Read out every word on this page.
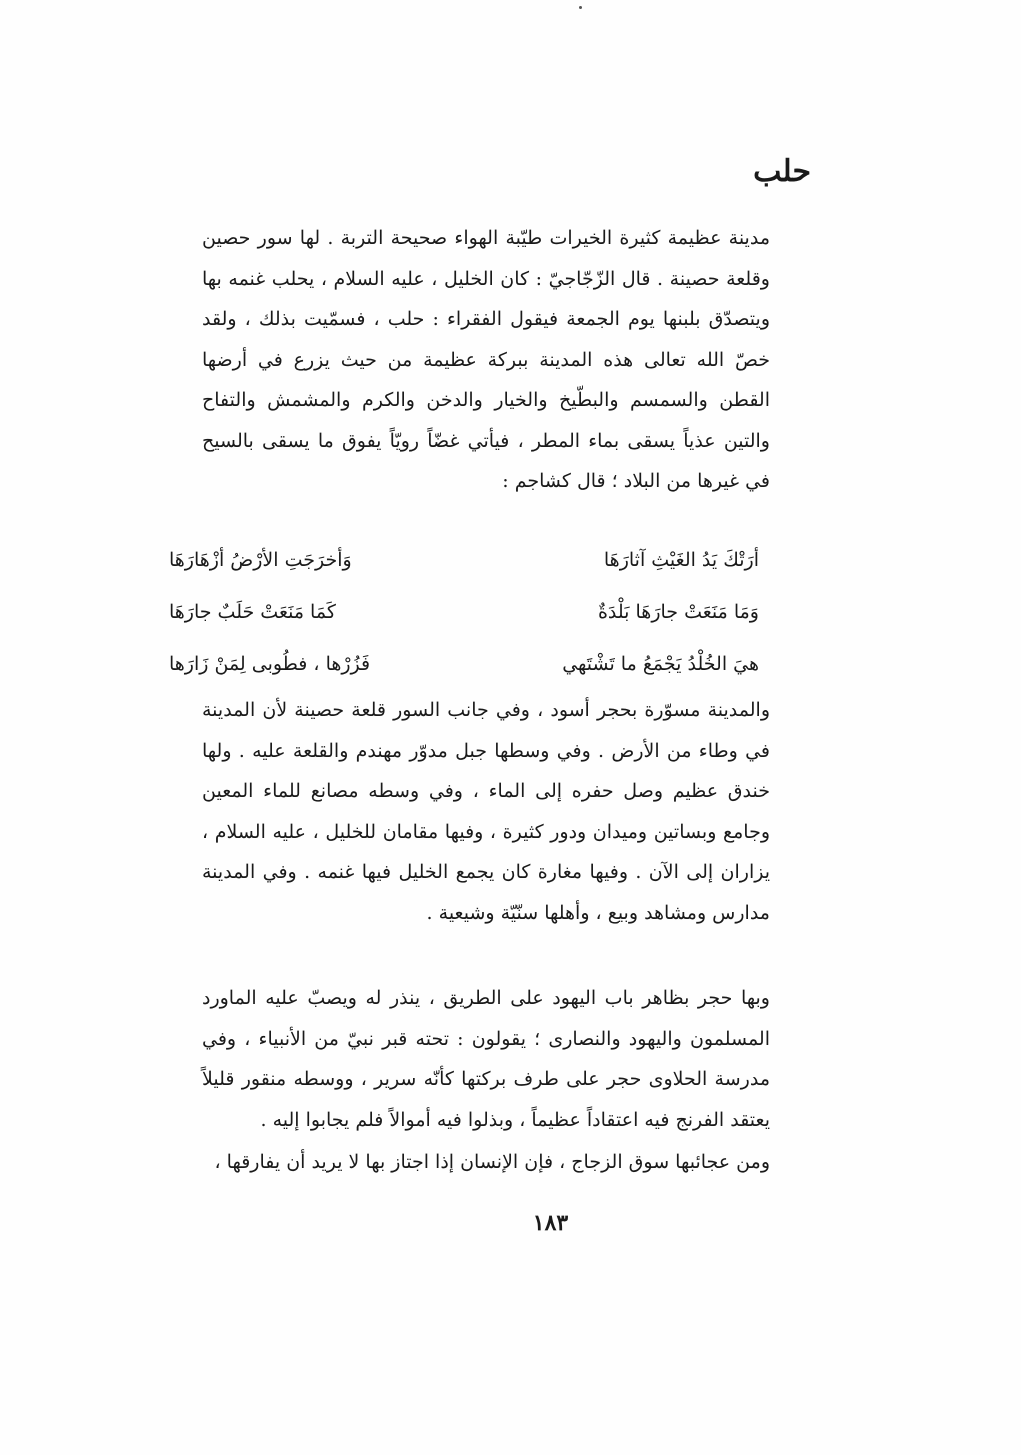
حلب

مدينة عظيمة كثيرة الخيرات طيّبة الهواء صحيحة التربة . لها سور حصين وقلعة حصينة . قال الزّجّاجيّ : كان الخليل ، عليه السلام ، يحلب غنمه بها ويتصدّق بلبنها يوم الجمعة فيقول الفقراء : حلب ، فسمّيت بذلك ، ولقد خصّ الله تعالى هذه المدينة ببركة عظيمة من حيث يزرع في أرضها القطن والسمسم والبطّيخ والخيار والدخن والكرم والمشمش والتفاح والتين عذياً يسقى بماء المطر ، فيأتي غضّاً رويّاً يفوق ما يسقى بالسيح في غيرها من البلاد ؛ قال كشاجم :

أرَتْكَ يَدُ الغَيْثِ آثارَهَا
وَأخرَجَتِ الأرْضُ أزْهَارَهَا
وَمَا مَنَعَتْ جارَهَا بَلْدَةٌ
كَمَا مَنَعَتْ حَلَبٌ جارَهَا
هيَ الخُلْدُ يَجْمَعُ ما تَشْتَهي
فَزُرْها ، فطُوبى لِمَنْ زَارَها

والمدينة مسوّرة بحجر أسود ، وفي جانب السور قلعة حصينة لأن المدينة في وطاء من الأرض . وفي وسطها جبل مدوّر مهندم والقلعة عليه . ولها خندق عظيم وصل حفره إلى الماء ، وفي وسطه مصانع للماء المعين وجامع وبساتين وميدان ودور كثيرة ، وفيها مقامان للخليل ، عليه السلام ، يزاران إلى الآن . وفيها مغارة كان يجمع الخليل فيها غنمه . وفي المدينة مدارس ومشاهد وبيع ، وأهلها سنّيّة وشيعية .

وبها حجر بظاهر باب اليهود على الطريق ، ينذر له ويصبّ عليه الماورد المسلمون واليهود والنصارى ؛ يقولون : تحته قبر نبيّ من الأنبياء ، وفي مدرسة الحلاوى حجر على طرف بركتها كأنّه سرير ، ووسطه منقور قليلاً يعتقد الفرنج فيه اعتقاداً عظيماً ، وبذلوا فيه أموالاً فلم يجابوا إليه .

ومن عجائبها سوق الزجاج ، فإن الإنسان إذا اجتاز بها لا يريد أن يفارقها ،

١٨٣
